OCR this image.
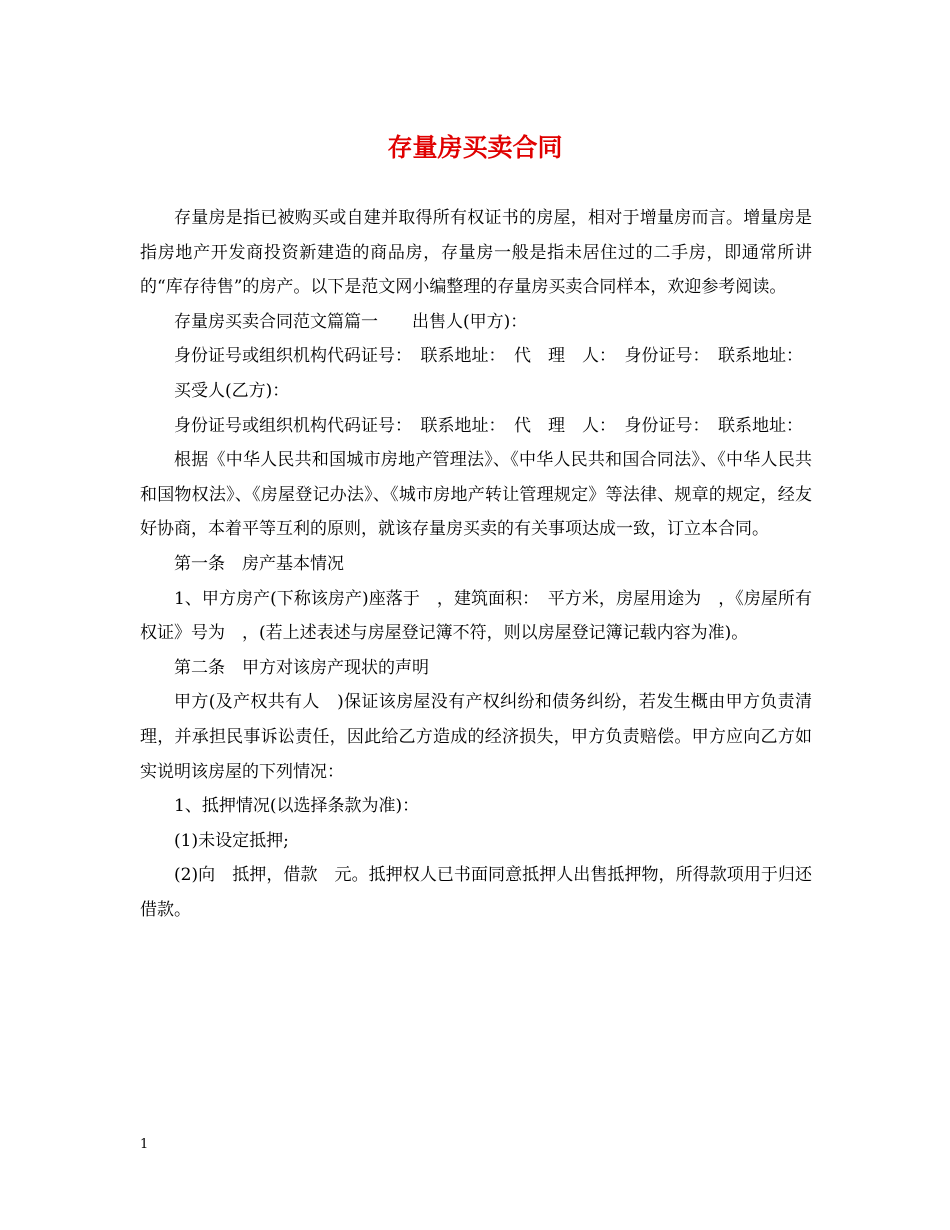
存量房买卖合同

存量房是指已被购买或自建并取得所有权证书的房屋，相对于增量房而言。增量房是指房地产开发商投资新建造的商品房，存量房一般是指未居住过的二手房，即通常所讲的“库存待售”的房产。以下是范文网小编整理的存量房买卖合同样本，欢迎参考阅读。

存量房买卖合同范文篇篇一　　出售人(甲方)：

身份证号或组织机构代码证号：　联系地址：　代　理　人：　身份证号：　联系地址：

买受人(乙方)：

身份证号或组织机构代码证号：　联系地址：　代　理　人：　身份证号：　联系地址：

根据《中华人民共和国城市房地产管理法》、《中华人民共和国合同法》、《中华人民共和国物权法》、《房屋登记办法》、《城市房地产转让管理规定》等法律、规章的规定，经友好协商，本着平等互利的原则，就该存量房买卖的有关事项达成一致，订立本合同。

第一条　房产基本情况

1、甲方房产(下称该房产)座落于　，建筑面积：　平方米，房屋用途为　，《房屋所有权证》号为　，(若上述表述与房屋登记簿不符，则以房屋登记簿记载内容为准)。

第二条　甲方对该房产现状的声明

甲方(及产权共有人　)保证该房屋没有产权纠纷和债务纠纷，若发生概由甲方负责清理，并承担民事诉讼责任，因此给乙方造成的经济损失，甲方负责赔偿。甲方应向乙方如实说明该房屋的下列情况：

1、抵押情况(以选择条款为准)：

(1)未设定抵押;

(2)向　抵押，借款　元。抵押权人已书面同意抵押人出售抵押物，所得款项用于归还借款。

1
